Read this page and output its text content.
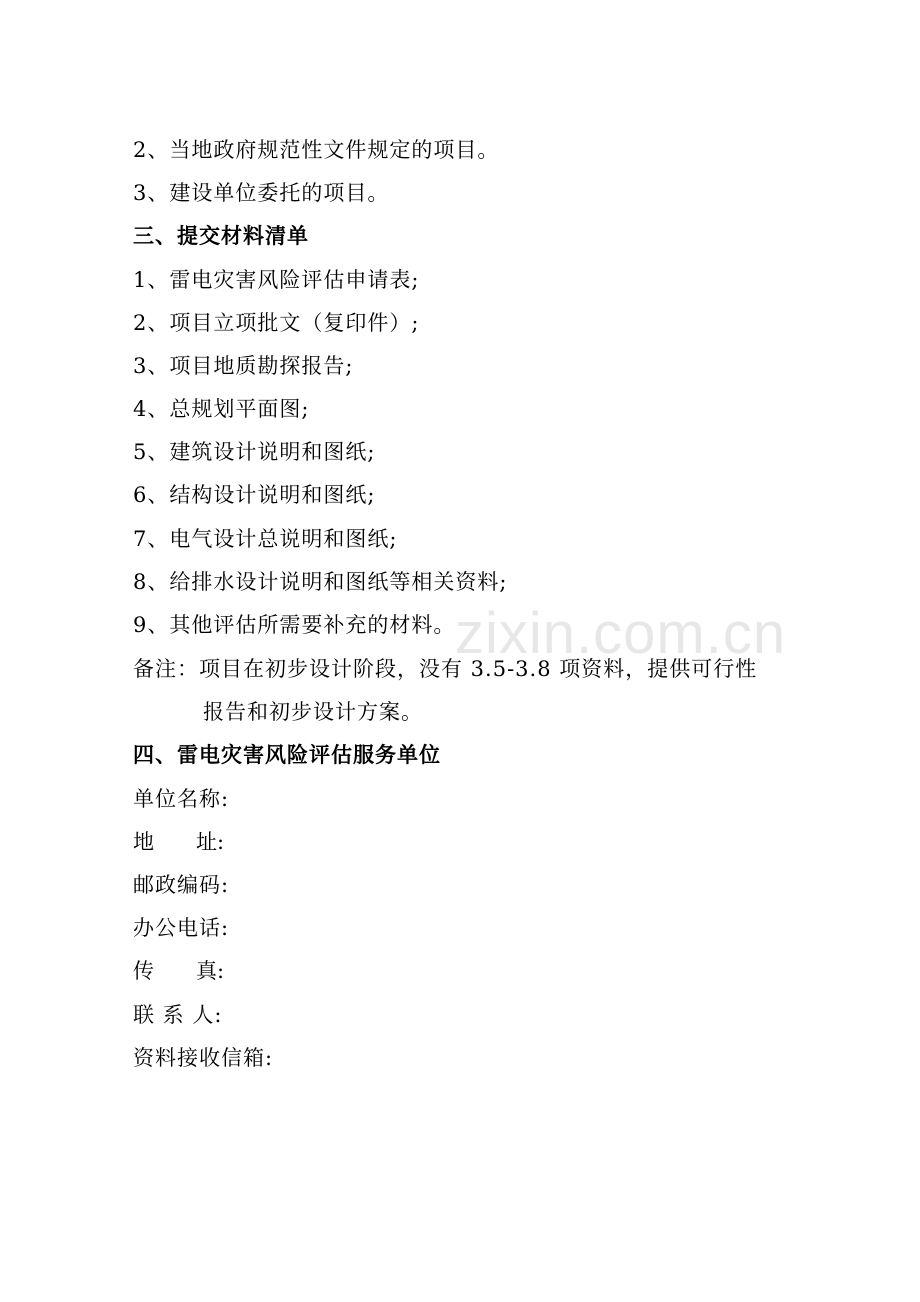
zixin.com.cn
2、当地政府规范性文件规定的项目。
3、建设单位委托的项目。
三、提交材料清单
1、雷电灾害风险评估申请表;
2、项目立项批文（复印件）;
3、项目地质勘探报告;
4、总规划平面图;
5、建筑设计说明和图纸;
6、结构设计说明和图纸;
7、电气设计总说明和图纸;
8、给排水设计说明和图纸等相关资料;
9、其他评估所需要补充的材料。
备注：项目在初步设计阶段，没有 3.5-3.8 项资料，提供可行性
报告和初步设计方案。
四、雷电灾害风险评估服务单位
单位名称:
地　　址:
邮政编码:
办公电话:
传　　真:
联 系 人:
资料接收信箱:
